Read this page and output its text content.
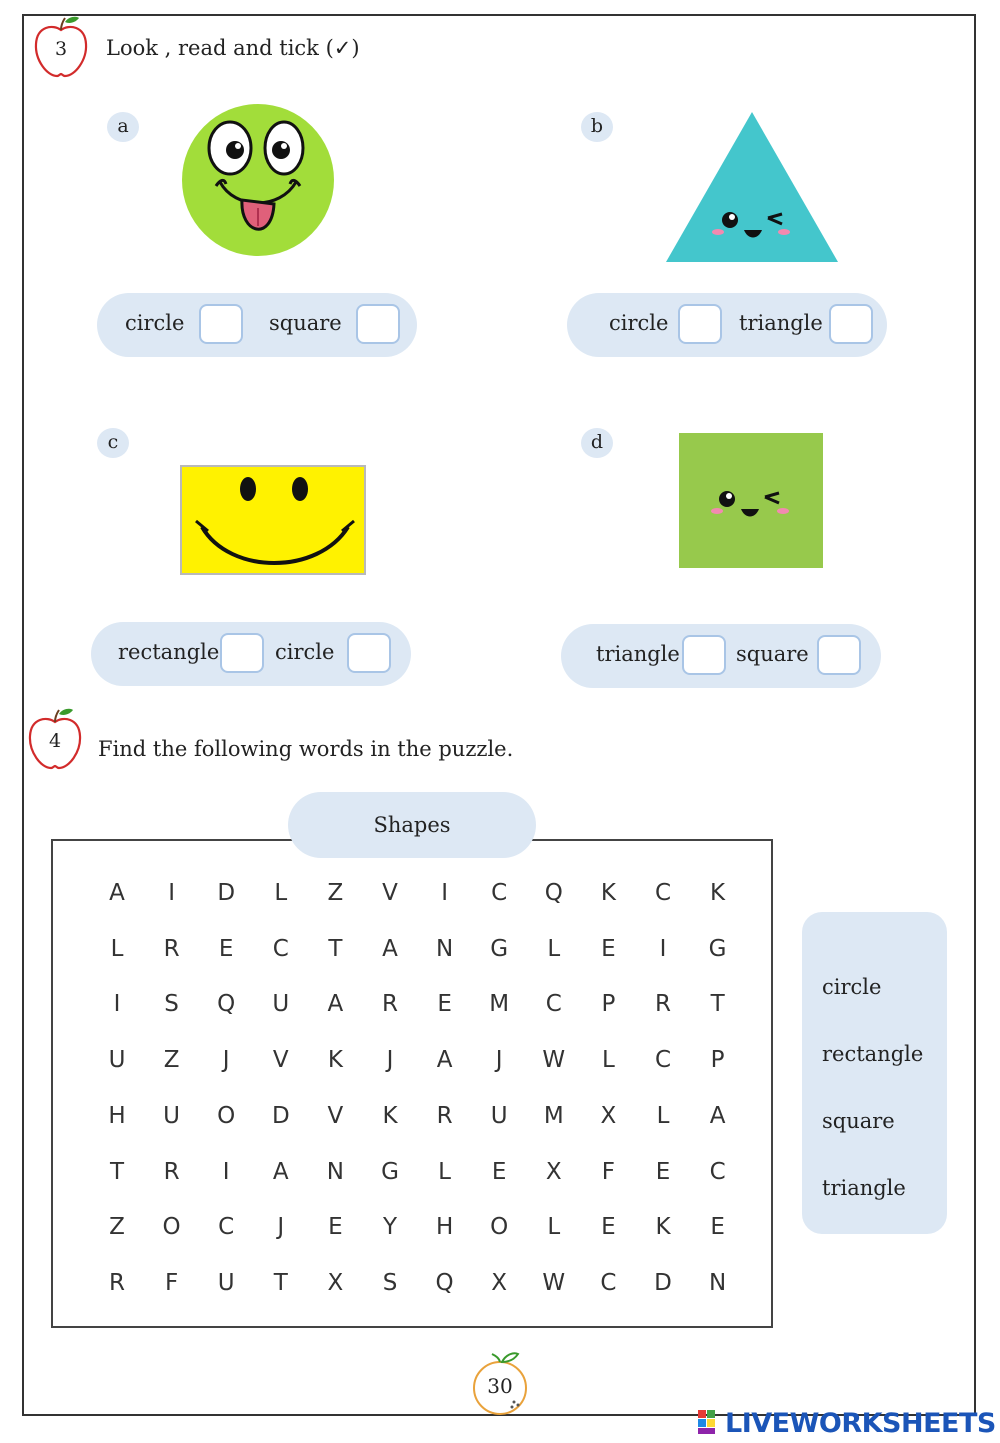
3	Look , read and tick (✓)
a
circle	square
b
circle	triangle
c
rectangle	circle
d
triangle	square
4	Find the following words in the puzzle.
A	I	D	L	Z	V	I	C	Q	K	C	K
L	R	E	C	T	A	N	G	L	E	I	G
I	S	Q	U	A	R	E	M	C	P	R	T
U	Z	J	V	K	J	A	J	W	L	C	P
H	U	O	D	V	K	R	U	M	X	L	A
T	R	I	A	N	G	L	E	X	F	E	C
Z	O	C	J	E	Y	H	O	L	E	K	E
R	F	U	T	X	S	Q	X	W	C	D	N
Shapes
circle
rectangle
square
triangle
30
LIVEWORKSHEETS
